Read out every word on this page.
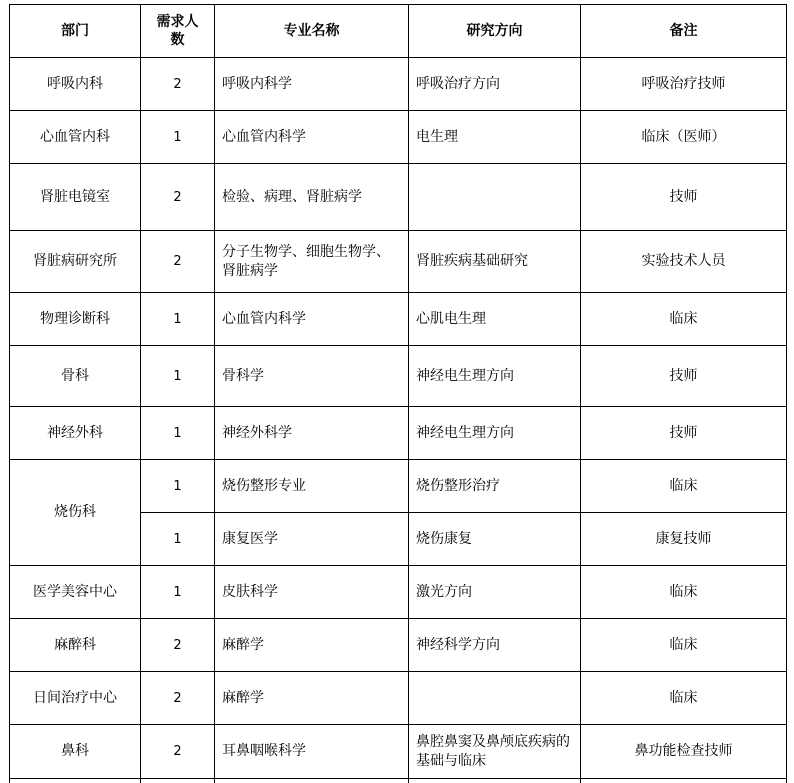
部门	需求人数	专业名称	研究方向	备注
呼吸内科	2	呼吸内科学	呼吸治疗方向	呼吸治疗技师
心血管内科	1	心血管内科学	电生理	临床（医师）
肾脏电镜室	2	检验、病理、肾脏病学		技师
肾脏病研究所	2	分子生物学、细胞生物学、肾脏病学	肾脏疾病基础研究	实验技术人员
物理诊断科	1	心血管内科学	心肌电生理	临床
骨科	1	骨科学	神经电生理方向	技师
神经外科	1	神经外科学	神经电生理方向	技师
烧伤科	1	烧伤整形专业	烧伤整形治疗	临床
	1	康复医学	烧伤康复	康复技师
医学美容中心	1	皮肤科学	激光方向	临床
麻醉科	2	麻醉学	神经科学方向	临床
日间治疗中心	2	麻醉学		临床
鼻科	2	耳鼻咽喉科学	鼻腔鼻窦及鼻颅底疾病的基础与临床	鼻功能检查技师
